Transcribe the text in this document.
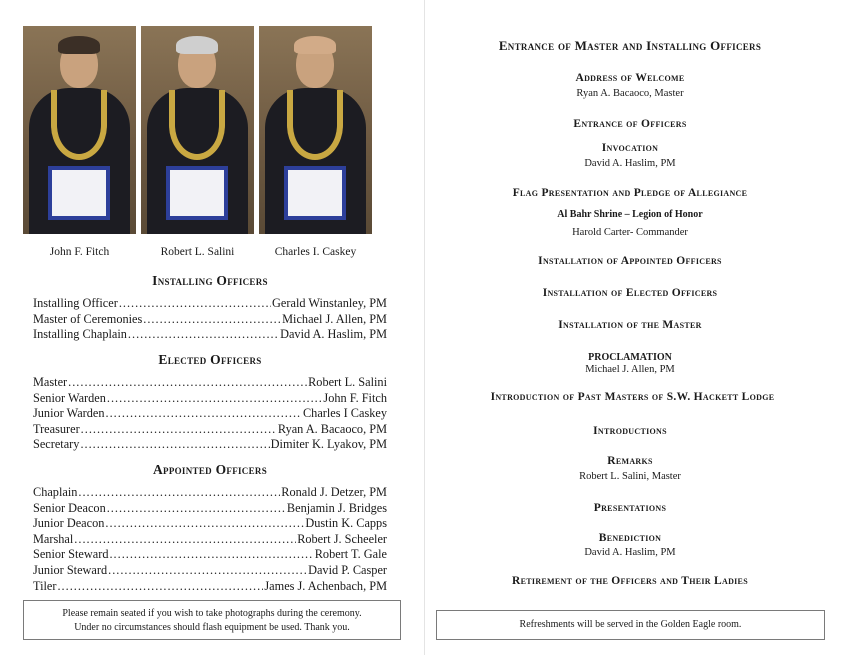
John F. Fitch	Robert L. Salini	Charles I. Caskey
Installing Officers
Installing Officer .....	Gerald Winstanley, PM
Master of Ceremonies .....	Michael J. Allen, PM
Installing Chaplain .....	David A. Haslim, PM
Elected Officers
Master .....	Robert L. Salini
Senior Warden .....	John F. Fitch
Junior Warden .....	Charles I Caskey
Treasurer .....	Ryan A. Bacaoco, PM
Secretary .....	Dimiter K. Lyakov, PM
Appointed Officers
Chaplain .....	Ronald J. Detzer, PM
Senior Deacon .....	Benjamin J. Bridges
Junior Deacon .....	Dustin K. Capps
Marshal .....	Robert J. Scheeler
Senior Steward .....	Robert T. Gale
Junior Steward .....	David P. Casper
Tiler .....	James J. Achenbach, PM
Please remain seated if you wish to take photographs during the ceremony.
Under no circumstances should flash equipment be used. Thank you.
Entrance of Master and Installing Officers
Address of Welcome
Ryan A. Bacaoco, Master
Entrance of Officers
Invocation
David A. Haslim, PM
Flag Presentation and Pledge of Allegiance
Al Bahr Shrine – Legion of Honor
Harold Carter- Commander
Installation of Appointed Officers
Installation of Elected Officers
Installation of the Master
PROCLAMATION
Michael J. Allen, PM
Introduction of Past Masters of S.W. Hackett Lodge
Introductions
Remarks
Robert L. Salini, Master
Presentations
Benediction
David A. Haslim, PM
Retirement of the Officers and Their Ladies
Refreshments will be served in the Golden Eagle room.
